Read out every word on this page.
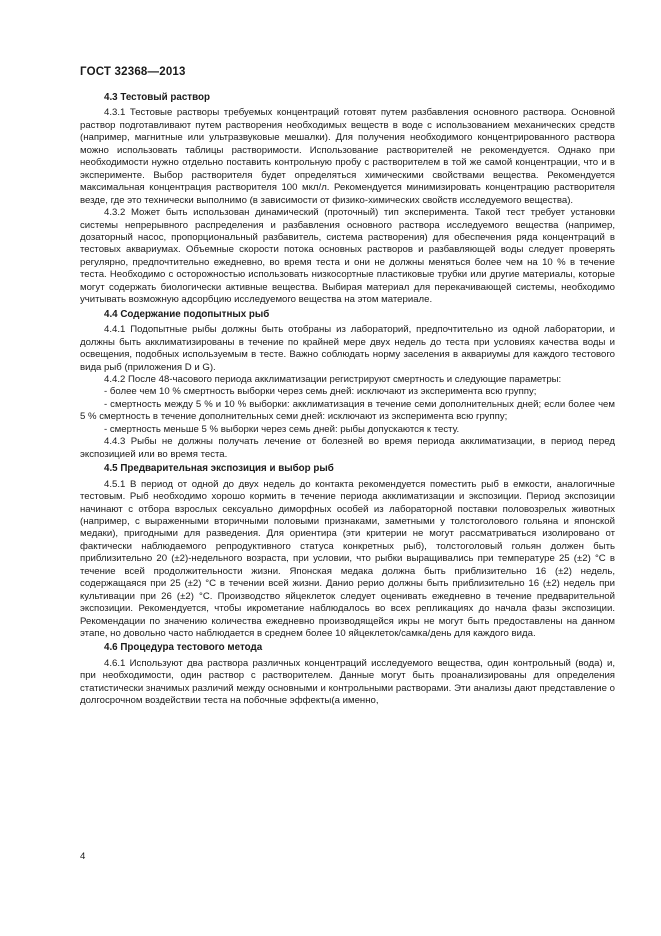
ГОСТ 32368—2013

4.3 Тестовый раствор

4.3.1 Тестовые растворы требуемых концентраций готовят путем разбавления основного раствора. Основной раствор подготавливают путем растворения необходимых веществ в воде с использованием механических средств (например, магнитные или ультразвуковые мешалки). Для получения необходимого концентрированного раствора можно использовать таблицы растворимости. Использование растворителей не рекомендуется. Однако при необходимости нужно отдельно поставить контрольную пробу с растворителем в той же самой концентрации, что и в эксперименте. Выбор растворителя будет определяться химическими свойствами вещества. Рекомендуется максимальная концентрация растворителя 100 мкл/л. Рекомендуется минимизировать концентрацию растворителя везде, где это технически выполнимо (в зависимости от физико-химических свойств исследуемого вещества).

4.3.2 Может быть использован динамический (проточный) тип эксперимента. Такой тест требует установки системы непрерывного распределения и разбавления основного раствора исследуемого вещества (например, дозаторный насос, пропорциональный разбавитель, система растворения) для обеспечения ряда концентраций в тестовых аквариумах. Объемные скорости потока основных растворов и разбавляющей воды следует проверять регулярно, предпочтительно ежедневно, во время теста и они не должны меняться более чем на 10 % в течение теста. Необходимо с осторожностью использовать низкосортные пластиковые трубки или другие материалы, которые могут содержать биологически активные вещества. Выбирая материал для перекачивающей системы, необходимо учитывать возможную адсорбцию исследуемого вещества на этом материале.

4.4 Содержание подопытных рыб

4.4.1 Подопытные рыбы должны быть отобраны из лабораторий, предпочтительно из одной лаборатории, и должны быть акклиматизированы в течение по крайней мере двух недель до теста при условиях качества воды и освещения, подобных используемым в тесте. Важно соблюдать норму заселения в аквариумы для каждого тестового вида рыб (приложения D и G).

4.4.2 После 48-часового периода акклиматизации регистрируют смертность и следующие параметры:

- более чем 10 % смертность выборки через семь дней: исключают из эксперимента всю группу;

- смертность между 5 % и 10 % выборки: акклиматизация в течение семи дополнительных дней; если более чем 5 % смертность в течение дополнительных семи дней: исключают из эксперимента всю группу;

- смертность меньше 5 % выборки через семь дней: рыбы допускаются к тесту.

4.4.3 Рыбы не должны получать лечение от болезней во время периода акклиматизации, в период перед экспозицией или во время теста.

4.5 Предварительная экспозиция и выбор рыб

4.5.1 В период от одной до двух недель до контакта рекомендуется поместить рыб в емкости, аналогичные тестовым. Рыб необходимо хорошо кормить в течение периода акклиматизации и экспозиции. Период экспозиции начинают с отбора взрослых сексуально диморфных особей из лабораторной поставки половозрелых животных (например, с выраженными вторичными половыми признаками, заметными у толстоголового гольяна и японской медаки), пригодными для разведения. Для ориентира (эти критерии не могут рассматриваться изолировано от фактически наблюдаемого репродуктивного статуса конкретных рыб), толстоголовый гольян должен быть приблизительно 20 (±2)-недельного возраста, при условии, что рыбки выращивались при температуре 25 (±2) °С в течение всей продолжительности жизни. Японская медака должна быть приблизительно 16 (±2) недель, содержащаяся при 25 (±2) °С в течении всей жизни. Данио рерио должны быть приблизительно 16 (±2) недель при культивации при 26 (±2) °С. Производство яйцеклеток следует оценивать ежедневно в течение предварительной экспозиции. Рекомендуется, чтобы икрометание наблюдалось во всех репликациях до начала фазы экспозиции. Рекомендации по значению количества ежедневно производящейся икры не могут быть предоставлены на данном этапе, но довольно часто наблюдается в среднем более 10 яйцеклеток/самка/день для каждого вида.

4.6 Процедура тестового метода

4.6.1 Используют два раствора различных концентраций исследуемого вещества, один контрольный (вода) и, при необходимости, один раствор с растворителем. Данные могут быть проанализированы для определения статистически значимых различий между основными и контрольными растворами. Эти анализы дают представление о долгосрочном воздействии теста на побочные эффекты(а именно,

4
